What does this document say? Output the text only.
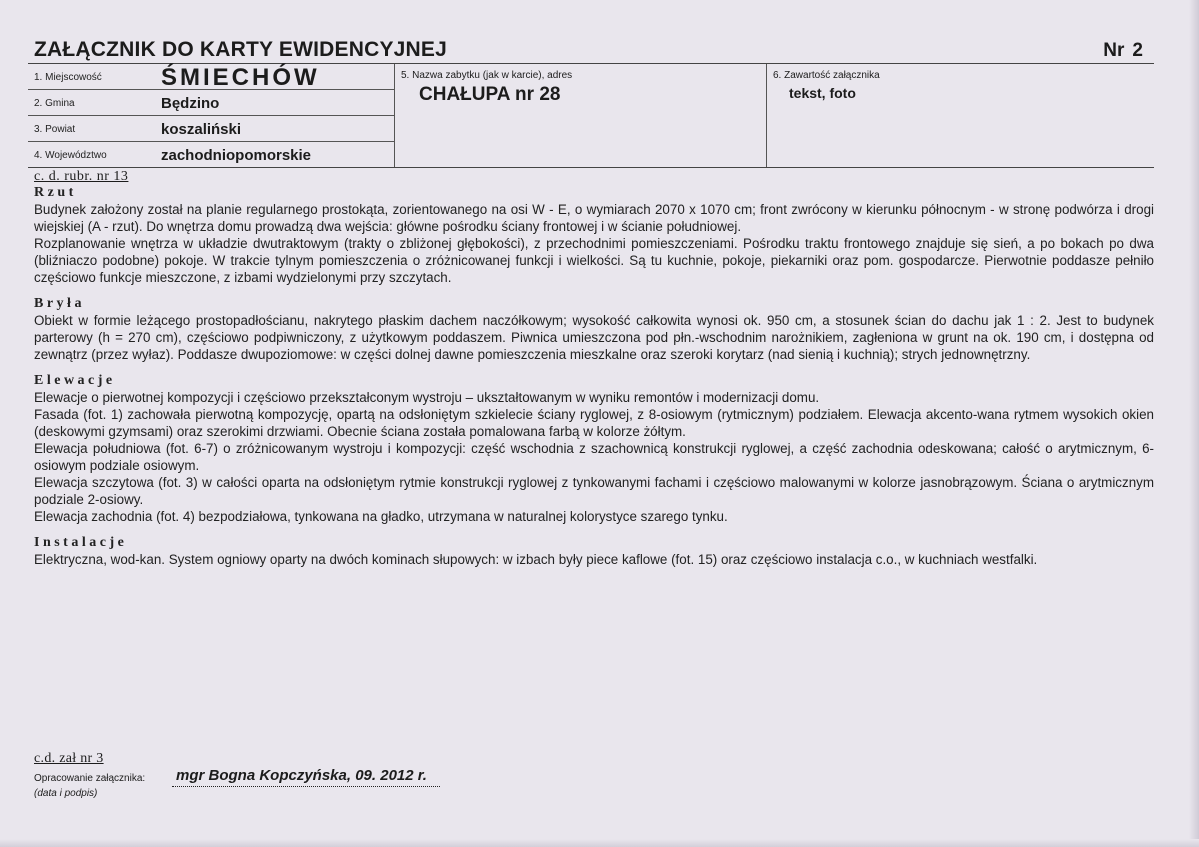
ZAŁĄCZNIK DO KARTY EWIDENCYJNEJ	Nr 2
1. Miejscowość ŚMIECHÓW
2. Gmina	Będzino
3. Powiat	koszaliński
4. Województwo	zachodniopomorskie
5. Nazwa zabytku (jak w karcie), adres
CHAŁUPA nr 28
6. Zawartość załącznika
tekst, foto
c. d. rubr. nr 13
Rzut

Budynek założony został na planie regularnego prostokąta, zorientowanego na osi W - E, o wymiarach 2070 x 1070 cm; front zwrócony w kierunku północnym - w stronę podwórza i drogi wiejskiej (A - rzut). Do wnętrza domu prowadzą dwa wejścia: główne pośrodku ściany frontowej i w ścianie południowej.

Rozplanowanie wnętrza w układzie dwutraktowym (trakty o zbliżonej głębokości), z przechodnimi pomieszczeniami. Pośrodku traktu frontowego znajduje się sień, a po bokach po dwa (bliźniaczo podobne) pokoje. W trakcie tylnym pomieszczenia o zróżnicowanej funkcji i wielkości. Są tu kuchnie, pokoje, piekarniki oraz pom. gospodarcze. Pierwotnie poddasze pełniło częściowo funkcje mieszczone, z izbami wydzielonymi przy szczytach.

Bryła

Obiekt w formie leżącego prostopadłościanu, nakrytego płaskim dachem naczółkowym; wysokość całkowita wynosi ok. 950 cm, a stosunek ścian do dachu jak 1 : 2. Jest to budynek parterowy (h = 270 cm), częściowo podpiwniczony, z użytkowym poddaszem. Piwnica umieszczona pod płn.-wschodnim narożnikiem, zagłeniona w grunt na ok. 190 cm, i dostępna od zewnątrz (przez wyłaz). Poddasze dwupoziomowe: w części dolnej dawne pomieszczenia mieszkalne oraz szeroki korytarz (nad sienią i kuchnią); strych jednownętrzny.

Elewacje

Elewacje o pierwotnej kompozycji i częściowo przekształconym wystroju – ukształtowanym w wyniku remontów i modernizacji domu.

Fasada (fot. 1) zachowała pierwotną kompozycję, opartą na odsłoniętym szkielecie ściany ryglowej, z 8-osiowym (rytmicznym) podziałem. Elewacja akcento-wana rytmem wysokich okien (deskowymi gzymsami) oraz szerokimi drzwiami. Obecnie ściana została pomalowana farbą w kolorze żółtym.

Elewacja południowa (fot. 6-7) o zróżnicowanym wystroju i kompozycji: część wschodnia z szachownicą konstrukcji ryglowej, a część zachodnia odeskowana; całość o arytmicznym, 6-osiowym podziale osiowym.

Elewacja szczytowa (fot. 3) w całości oparta na odsłoniętym rytmie konstrukcji ryglowej z tynkowanymi fachami i częściowo malowanymi w kolorze jasnobrązowym. Ściana o arytmicznym podziale 2-osiowy.

Elewacja zachodnia (fot. 4) bezpodziałowa, tynkowana na gładko, utrzymana w naturalnej kolorystyce szarego tynku.

Instalacje

Elektryczna, wod-kan. System ogniowy oparty na dwóch kominach słupowych: w izbach były piece kaflowe (fot. 15) oraz częściowo instalacja c.o., w kuchniach westfalki.

c.d. zał nr 3
Opracowanie załącznika:
(data i podpis)
mgr Bogna Kopczyńska, 09. 2012 r.
